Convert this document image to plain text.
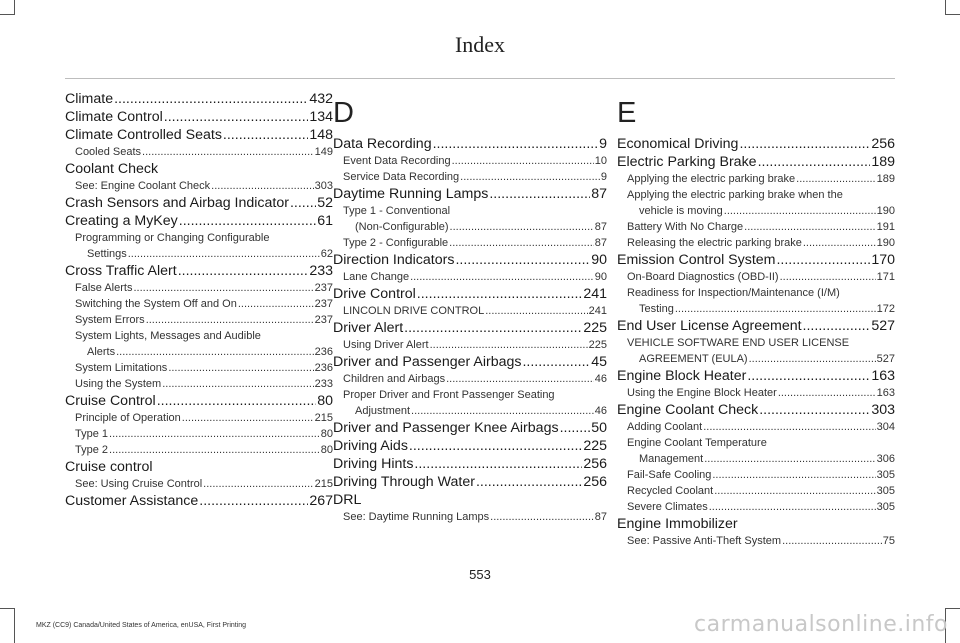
Index
Climate .....	432
Climate Control .....	134
Climate Controlled Seats .....	148
Cooled Seats .....	149
Coolant Check
See: Engine Coolant Check .....	303
Crash Sensors and Airbag Indicator ..... 52
Creating a MyKey .....	61
Programming or Changing Configurable
Settings .....	62
Cross Traffic Alert .....	233
False Alerts .....	237
Switching the System Off and On .....	237
System Errors .....	237
System Lights, Messages and Audible
Alerts .....	236
System Limitations .....	236
Using the System .....	233
Cruise Control .....	80
Principle of Operation .....	215
Type 1 .....	80
Type 2 .....	80
Cruise control
See: Using Cruise Control .....	215
Customer Assistance .....	267
D
Data Recording .....	9
Event Data Recording .....	10
Service Data Recording .....	9
Daytime Running Lamps .....	87
Type 1 - Conventional
(Non-Configurable) .....	87
Type 2 - Configurable .....	87
Direction Indicators .....	90
Lane Change .....	90
Drive Control .....	241
LINCOLN DRIVE CONTROL .....	241
Driver Alert .....	225
Using Driver Alert .....	225
Driver and Passenger Airbags .....	45
Children and Airbags .....	46
Proper Driver and Front Passenger Seating
Adjustment .....	46
Driver and Passenger Knee Airbags ..... 50
Driving Aids .....	225
Driving Hints .....	256
Driving Through Water .....	256
DRL
See: Daytime Running Lamps .....	87
E
Economical Driving .....	256
Electric Parking Brake .....	189
Applying the electric parking brake .....	189
Applying the electric parking brake when the
vehicle is moving .....	190
Battery With No Charge .....	191
Releasing the electric parking brake .....	190
Emission Control System .....	170
On-Board Diagnostics (OBD-II) .....	171
Readiness for Inspection/Maintenance (I/M)
Testing .....	172
End User License Agreement .....	527
VEHICLE SOFTWARE END USER LICENSE
AGREEMENT (EULA) .....	527
Engine Block Heater .....	163
Using the Engine Block Heater .....	163
Engine Coolant Check .....	303
Adding Coolant .....	304
Engine Coolant Temperature
Management .....	306
Fail-Safe Cooling .....	305
Recycled Coolant .....	305
Severe Climates .....	305
Engine Immobilizer
See: Passive Anti-Theft System .....	75
553
MKZ (CC9) Canada/United States of America, enUSA, First Printing	carmanualsonline.info
